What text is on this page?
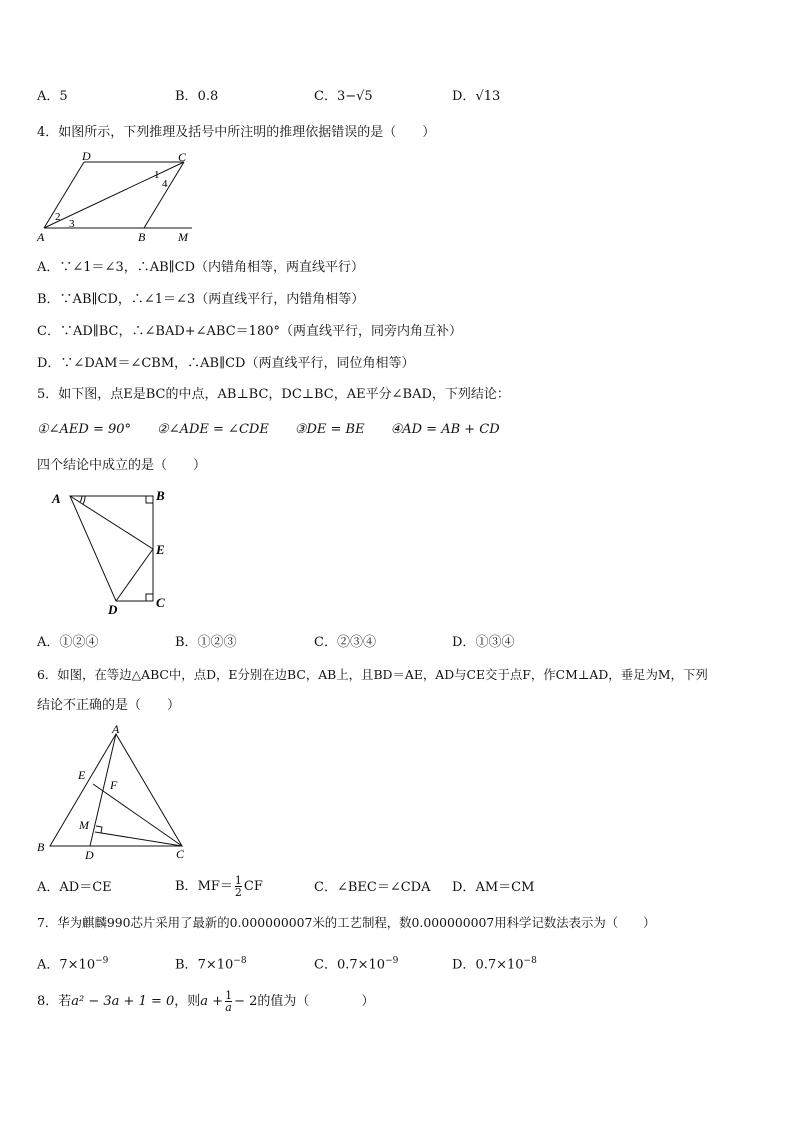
A．5	B．0.8	C．3−√5	D．√13
4．如图所示，下列推理及括号中所注明的推理依据错误的是（　　）
D	C
A	B	M
1
2
3
4
A．∵∠1＝∠3，∴AB∥CD（内错角相等，两直线平行）
B．∵AB∥CD，∴∠1＝∠3（两直线平行，内错角相等）
C．∵AD∥BC，∴∠BAD+∠ABC＝180°（两直线平行，同旁内角互补）
D．∵∠DAM＝∠CBM，∴AB∥CD（两直线平行，同位角相等）
5．如下图，点E是BC的中点，AB⊥BC，DC⊥BC，AE平分∠BAD，下列结论：
①∠AED = 90°　　②∠ADE = ∠CDE　　③DE = BE　　④AD = AB + CD
四个结论中成立的是（　　）
A	B
E
D	C
A．①②④	B．①②③	C．②③④	D．①③④
6．如图，在等边△ABC中，点D，E分别在边BC，AB上，且BD＝AE，AD与CE交于点F，作CM⊥AD，垂足为M，下列
结论不正确的是（　　）
A
E
F
M
B
D	C
A．AD＝CE	B．$MF= \frac{1}{2}$ CF	C．∠BEC＝∠CDA D．AM＝CM
7．华为麒麟990芯片采用了最新的0.000000007米的工艺制程，数0.000000007用科学记数法表示为（　　）
A．$7\times 10^{-9}$	B．$7\times 10^{-8}$	C．$0.7\times 10^{-9}$	D．$0.7\times 10^{-8}$
8．若a² − 3a + 1 = 0，则$a + \frac{1}{a} - 2$的值为（　　　　）
